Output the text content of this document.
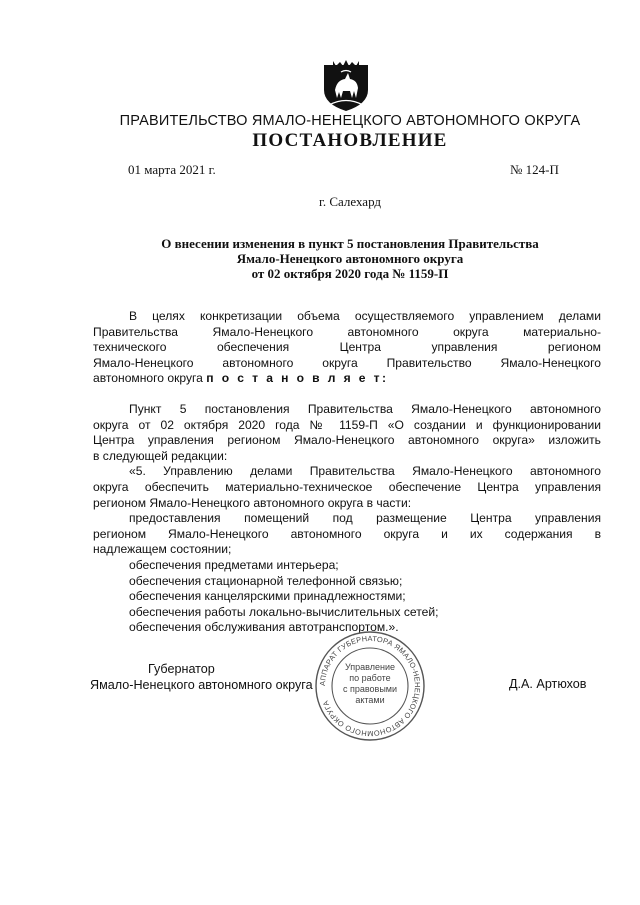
ПРАВИТЕЛЬСТВО ЯМАЛО-НЕНЕЦКОГО АВТОНОМНОГО ОКРУГА
ПОСТАНОВЛЕНИЕ
01 марта 2021 г.	№ 124-П
г. Салехард
О внесении изменения в пункт 5 постановления Правительства
Ямало-Ненецкого автономного округа
от 02 октября 2020 года № 1159-П
В целях конкретизации объема осуществляемого управлением делами
Правительства Ямало-Ненецкого автономного округа материально-
технического обеспечения Центра управления регионом
Ямало-Ненецкого автономного округа Правительство Ямало-Ненецкого
автономного округа п о с т а н о в л я е т:
Пункт 5 постановления Правительства Ямало-Ненецкого автономного
округа от 02 октября 2020 года № 1159-П «О создании и функционировании
Центра управления регионом Ямало-Ненецкого автономного округа» изложить
в следующей редакции:
«5. Управлению делами Правительства Ямало-Ненецкого автономного
округа обеспечить материально-техническое обеспечение Центра управления
регионом Ямало-Ненецкого автономного округа в части:
предоставления помещений под размещение Центра управления
регионом Ямало-Ненецкого автономного округа и их содержания в
надлежащем состоянии;
обеспечения предметами интерьера;
обеспечения стационарной телефонной связью;
обеспечения канцелярскими принадлежностями;
обеспечения работы локально-вычислительных сетей;
обеспечения обслуживания автотранспортом.».
Губернатор
Ямало-Ненецкого автономного округа АППАРАТ ГУБЕРНАТОРА ЯМАЛО-НЕНЕЦКОГО АВТОНОМНОГО ОКРУГА
Управление
по работе
с правовыми
актами
Д.А. Артюхов
